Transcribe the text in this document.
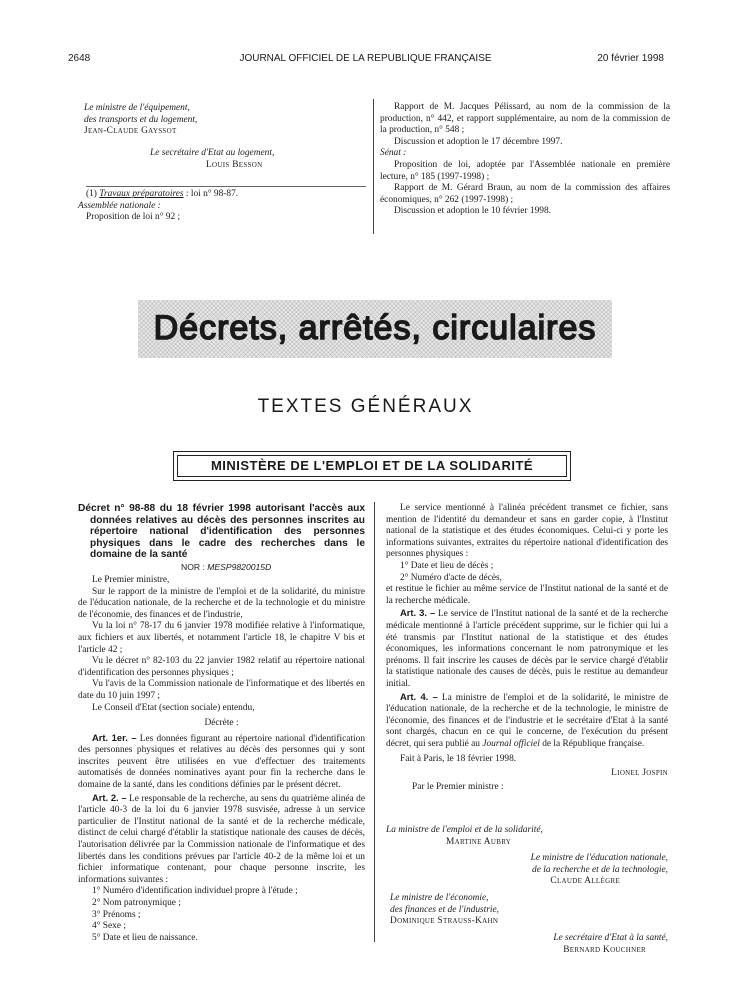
2648	JOURNAL OFFICIEL DE LA REPUBLIQUE FRANÇAISE	20 février 1998
Le ministre de l'équipement,
des transports et du logement,
Jean-Claude Gayssot
Le secrétaire d'Etat au logement,
Louis Besson
(1) Travaux préparatoires : loi n° 98-87.
Assemblée nationale :
Proposition de loi n° 92 ;

Rapport de M. Jacques Pélissard, au nom de la commission de la production, n° 442, et rapport supplémentaire, au nom de la commission de la production, n° 548 ;

Discussion et adoption le 17 décembre 1997.

Sénat :

Proposition de loi, adoptée par l'Assemblée nationale en première lecture, n° 185 (1997-1998) ;

Rapport de M. Gérard Braun, au nom de la commission des affaires économiques, n° 262 (1997-1998) ;

Discussion et adoption le 10 février 1998.

Décrets, arrêtés, circulaires
TEXTES GÉNÉRAUX
MINISTÈRE DE L'EMPLOI ET DE LA SOLIDARITÉ
Décret n° 98-88 du 18 février 1998 autorisant l'accès aux données relatives au décès des personnes inscrites au répertoire national d'identification des personnes physiques dans le cadre des recherches dans le domaine de la santé
NOR : MESP9820015D

Le Premier ministre,

Sur le rapport de la ministre de l'emploi et de la solidarité, du ministre de l'éducation nationale, de la recherche et de la technologie et du ministre de l'économie, des finances et de l'industrie,

Vu la loi n° 78-17 du 6 janvier 1978 modifiée relative à l'informatique, aux fichiers et aux libertés, et notamment l'article 18, le chapitre V bis et l'article 42 ;

Vu le décret n° 82-103 du 22 janvier 1982 relatif au répertoire national d'identification des personnes physiques ;

Vu l'avis de la Commission nationale de l'informatique et des libertés en date du 10 juin 1997 ;

Le Conseil d'Etat (section sociale) entendu,

Décrète :

Art. 1er. – Les données figurant au répertoire national d'identification des personnes physiques et relatives au décès des personnes qui y sont inscrites peuvent être utilisées en vue d'effectuer des traitements automatisés de données nominatives ayant pour fin la recherche dans le domaine de la santé, dans les conditions définies par le présent décret.

Art. 2. – Le responsable de la recherche, au sens du quatrième alinéa de l'article 40-3 de la loi du 6 janvier 1978 susvisée, adresse à un service particulier de l'Institut national de la santé et de la recherche médicale, distinct de celui chargé d'établir la statistique nationale des causes de décès, l'autorisation délivrée par la Commission nationale de l'informatique et des libertés dans les conditions prévues par l'article 40-2 de la même loi et un fichier informatique contenant, pour chaque personne inscrite, les informations suivantes :

1° Numéro d'identification individuel propre à l'étude ;
2° Nom patronymique ;
3° Prénoms ;
4° Sexe ;
5° Date et lieu de naissance.

Le service mentionné à l'alinéa précédent transmet ce fichier, sans mention de l'identité du demandeur et sans en garder copie, à l'Institut national de la statistique et des études économiques. Celui-ci y porte les informations suivantes, extraites du répertoire national d'identification des personnes physiques :

1° Date et lieu de décès ;
2° Numéro d'acte de décès,

et restitue le fichier au même service de l'Institut national de la santé et de la recherche médicale.

Art. 3. – Le service de l'Institut national de la santé et de la recherche médicale mentionné à l'article précédent supprime, sur le fichier qui lui a été transmis par l'Institut national de la statistique et des études économiques, les informations concernant le nom patronymique et les prénoms. Il fait inscrire les causes de décès par le service chargé d'établir la statistique nationale des causes de décès, puis le restitue au demandeur initial.

Art. 4. – La ministre de l'emploi et de la solidarité, le ministre de l'éducation nationale, de la recherche et de la technologie, le ministre de l'économie, des finances et de l'industrie et le secrétaire d'Etat à la santé sont chargés, chacun en ce qui le concerne, de l'exécution du présent décret, qui sera publié au Journal officiel de la République française.

Fait à Paris, le 18 février 1998.

Lionel Jospin
Par le Premier ministre :
La ministre de l'emploi et de la solidarité,
Martine Aubry
Le ministre de l'éducation nationale,
de la recherche et de la technologie,
Claude Allègre
Le ministre de l'économie,
des finances et de l'industrie,
Dominique Strauss-Kahn
Le secrétaire d'Etat à la santé,
Bernard Kouchner
